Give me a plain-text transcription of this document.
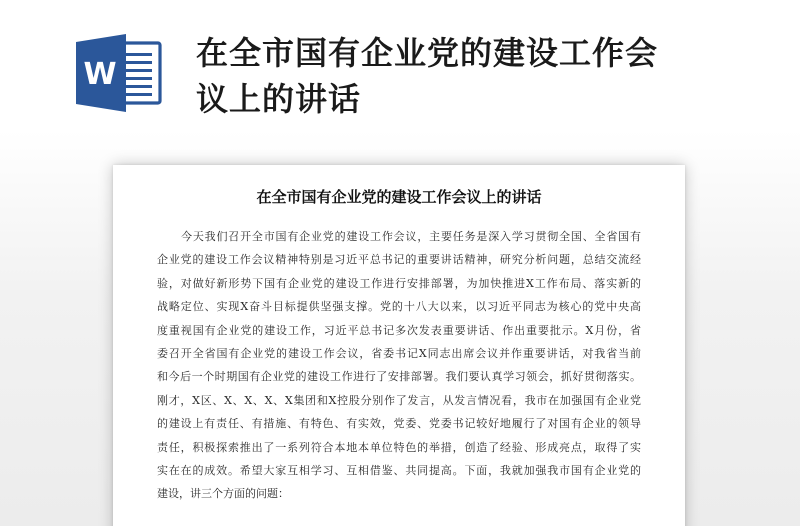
W
在全市国有企业党的建设工作会
议上的讲话
在全市国有企业党的建设工作会议上的讲话
今天我们召开全市国有企业党的建设工作会议，主要任务是深入学习贯彻全国、全省国有
企业党的建设工作会议精神特别是习近平总书记的重要讲话精神，研究分析问题，总结交流经
验，对做好新形势下国有企业党的建设工作进行安排部署，为加快推进X工作布局、落实新的
战略定位、实现X奋斗目标提供坚强支撑。党的十八大以来，以习近平同志为核心的党中央高
度重视国有企业党的建设工作，习近平总书记多次发表重要讲话、作出重要批示。X月份，省
委召开全省国有企业党的建设工作会议，省委书记X同志出席会议并作重要讲话，对我省当前
和今后一个时期国有企业党的建设工作进行了安排部署。我们要认真学习领会，抓好贯彻落实。
刚才，X区、X、X、X、X集团和X控股分别作了发言，从发言情况看，我市在加强国有企业党
的建设上有责任、有措施、有特色、有实效，党委、党委书记较好地履行了对国有企业的领导
责任，积极探索推出了一系列符合本地本单位特色的举措，创造了经验、形成亮点，取得了实
实在在的成效。希望大家互相学习、互相借鉴、共同提高。下面，我就加强我市国有企业党的
建设，讲三个方面的问题：
